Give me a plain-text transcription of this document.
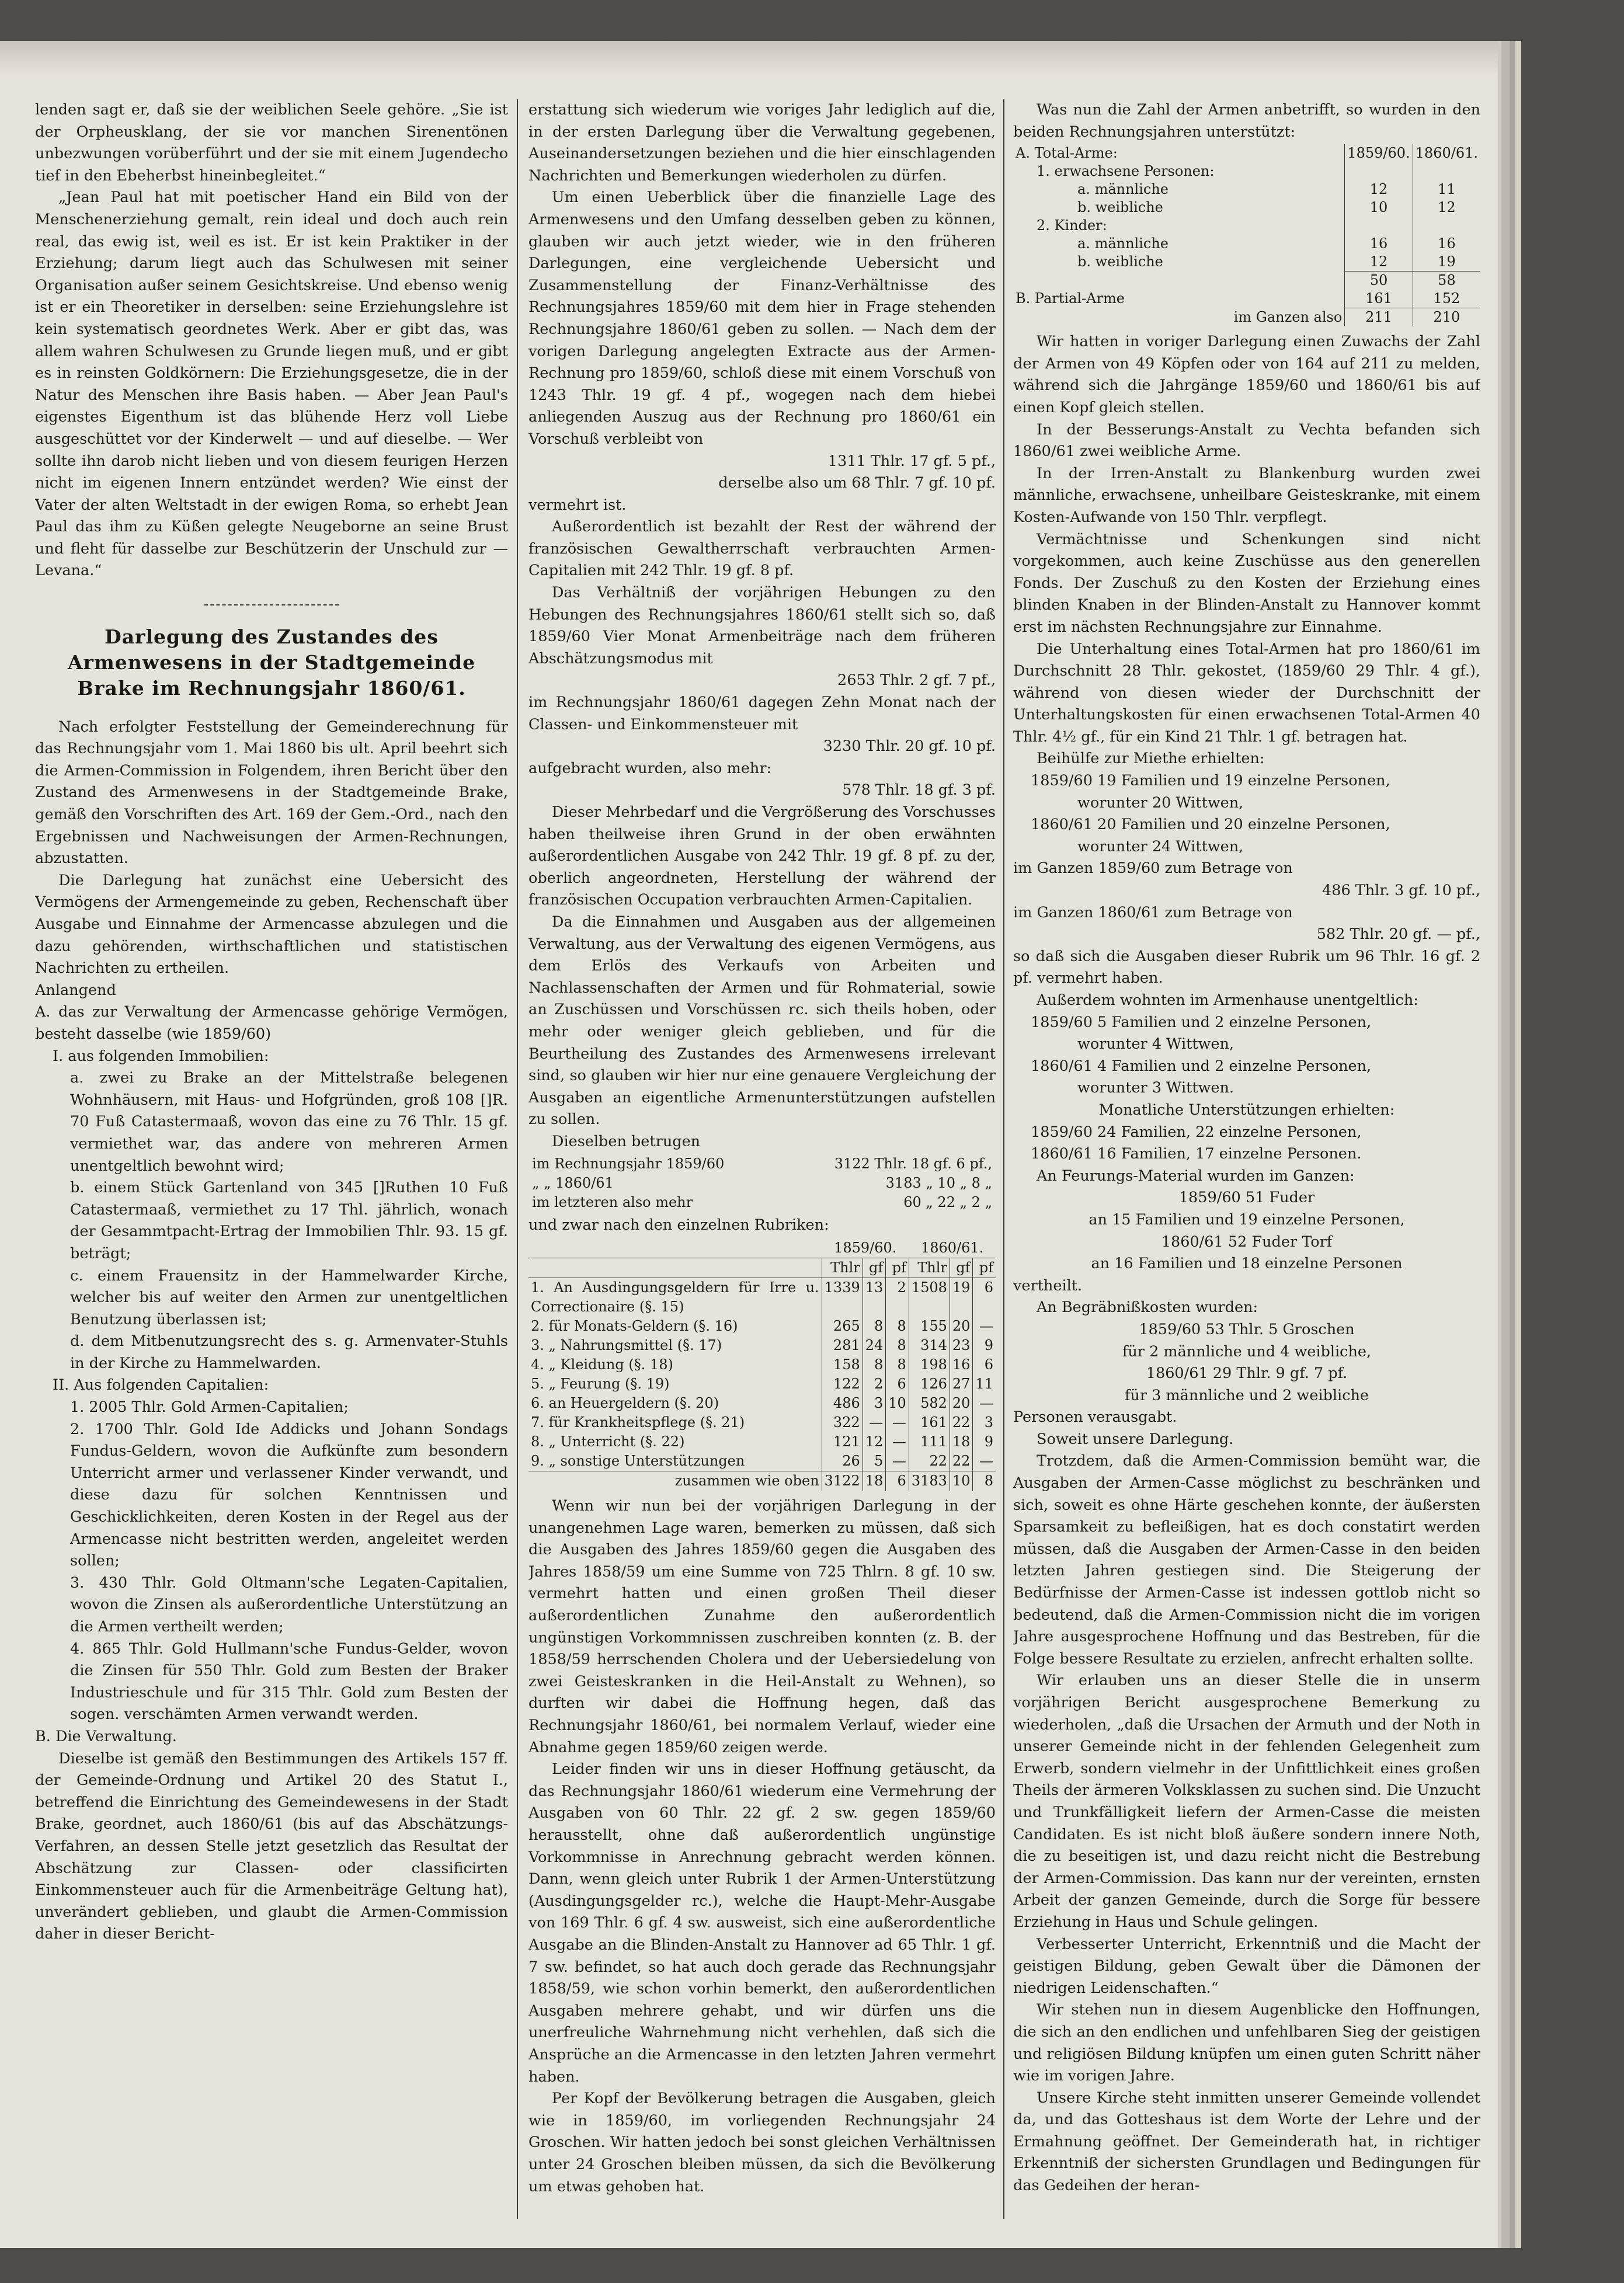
lenden sagt er, daß sie der weiblichen Seele gehöre. „Sie ist der Orpheusklang, der sie vor manchen Sirenentönen unbezwungen vorüberführt und der sie mit einem Jugendecho tief in den Ebeherbst hineinbegleitet.“

„Jean Paul hat mit poetischer Hand ein Bild von der Menschenerziehung gemalt, rein ideal und doch auch rein real, das ewig ist, weil es ist. Er ist kein Praktiker in der Erziehung; darum liegt auch das Schulwesen mit seiner Organisation außer seinem Gesichtskreise. Und ebenso wenig ist er ein Theoretiker in derselben: seine Erziehungslehre ist kein systematisch geordnetes Werk. Aber er gibt das, was allem wahren Schulwesen zu Grunde liegen muß, und er gibt es in reinsten Goldkörnern: Die Erziehungsgesetze, die in der Natur des Menschen ihre Basis haben. — Aber Jean Paul's eigenstes Eigenthum ist das blühende Herz voll Liebe ausgeschüttet vor der Kinderwelt — und auf dieselbe. — Wer sollte ihn darob nicht lieben und von diesem feurigen Herzen nicht im eigenen Innern entzündet werden? Wie einst der Vater der alten Weltstadt in der ewigen Roma, so erhebt Jean Paul das ihm zu Küßen gelegte Neugeborne an seine Brust und fleht für dasselbe zur Beschützerin der Unschuld zur — Levana.“

Darlegung des Zustandes des Armenwesens in der Stadtgemeinde Brake im Rechnungsjahr 1860/61.

Nach erfolgter Feststellung der Gemeinderechnung für das Rechnungsjahr vom 1. Mai 1860 bis ult. April beehrt sich die Armen-Commission in Folgendem, ihren Bericht über den Zustand des Armenwesens in der Stadtgemeinde Brake, gemäß den Vorschriften des Art. 169 der Gem.-Ord., nach den Ergebnissen und Nachweisungen der Armen-Rechnungen, abzustatten.

Die Darlegung hat zunächst eine Uebersicht des Vermögens der Armengemeinde zu geben, Rechenschaft über Ausgabe und Einnahme der Armencasse abzulegen und die dazu gehörenden, wirthschaftlichen und statistischen Nachrichten zu ertheilen.

Anlangend

A. das zur Verwaltung der Armencasse gehörige Vermögen, besteht dasselbe (wie 1859/60)

I. aus folgenden Immobilien:

a. zwei zu Brake an der Mittelstraße belegenen Wohnhäusern, mit Haus- und Hofgründen, groß 108 []R. 70 Fuß Catastermaaß, wovon das eine zu 76 Thlr. 15 gf. vermiethet war, das andere von mehreren Armen unentgeltlich bewohnt wird;

b. einem Stück Gartenland von 345 []Ruthen 10 Fuß Catastermaaß, vermiethet zu 17 Thl. jährlich, wonach der Gesammtpacht-Ertrag der Immobilien Thlr. 93. 15 gf. beträgt;

c. einem Frauensitz in der Hammelwarder Kirche, welcher bis auf weiter den Armen zur unentgeltlichen Benutzung überlassen ist;

d. dem Mitbenutzungsrecht des s. g. Armenvater-Stuhls in der Kirche zu Hammelwarden.

II. Aus folgenden Capitalien:

1. 2005 Thlr. Gold Armen-Capitalien;

2. 1700 Thlr. Gold Ide Addicks und Johann Sondags Fundus-Geldern, wovon die Aufkünfte zum besondern Unterricht armer und verlassener Kinder verwandt, und diese dazu für solchen Kenntnissen und Geschicklichkeiten, deren Kosten in der Regel aus der Armencasse nicht bestritten werden, angeleitet werden sollen;

3. 430 Thlr. Gold Oltmann'sche Legaten-Capitalien, wovon die Zinsen als außerordentliche Unterstützung an die Armen vertheilt werden;

4. 865 Thlr. Gold Hullmann'sche Fundus-Gelder, wovon die Zinsen für 550 Thlr. Gold zum Besten der Braker Industrieschule und für 315 Thlr. Gold zum Besten der sogen. verschämten Armen verwandt werden.

B. Die Verwaltung.

Dieselbe ist gemäß den Bestimmungen des Artikels 157 ff. der Gemeinde-Ordnung und Artikel 20 des Statut I., betreffend die Einrichtung des Gemeindewesens in der Stadt Brake, geordnet, auch 1860/61 (bis auf das Abschätzungs-Verfahren, an dessen Stelle jetzt gesetzlich das Resultat der Abschätzung zur Classen- oder classificirten Einkommensteuer auch für die Armenbeiträge Geltung hat), unverändert geblieben, und glaubt die Armen-Commission daher in dieser Bericht-

erstattung sich wiederum wie voriges Jahr lediglich auf die, in der ersten Darlegung über die Verwaltung gegebenen, Auseinandersetzungen beziehen und die hier einschlagenden Nachrichten und Bemerkungen wiederholen zu dürfen.

Um einen Ueberblick über die finanzielle Lage des Armenwesens und den Umfang desselben geben zu können, glauben wir auch jetzt wieder, wie in den früheren Darlegungen, eine vergleichende Uebersicht und Zusammenstellung der Finanz-Verhältnisse des Rechnungsjahres 1859/60 mit dem hier in Frage stehenden Rechnungsjahre 1860/61 geben zu sollen. — Nach dem der vorigen Darlegung angelegten Extracte aus der Armen-Rechnung pro 1859/60, schloß diese mit einem Vorschuß von 1243 Thlr. 19 gf. 4 pf., wogegen nach dem hiebei anliegenden Auszug aus der Rechnung pro 1860/61 ein Vorschuß verbleibt von

1311 Thlr. 17 gf. 5 pf.,

derselbe also um 68 Thlr. 7 gf. 10 pf.

vermehrt ist.

Außerordentlich ist bezahlt der Rest der während der französischen Gewaltherrschaft verbrauchten Armen-Capitalien mit 242 Thlr. 19 gf. 8 pf.

Das Verhältniß der vorjährigen Hebungen zu den Hebungen des Rechnungsjahres 1860/61 stellt sich so, daß 1859/60 Vier Monat Armenbeiträge nach dem früheren Abschätzungsmodus mit

2653 Thlr. 2 gf. 7 pf.,

im Rechnungsjahr 1860/61 dagegen Zehn Monat nach der Classen- und Einkommensteuer mit

3230 Thlr. 20 gf. 10 pf.

aufgebracht wurden, also mehr:

578 Thlr. 18 gf. 3 pf.

Dieser Mehrbedarf und die Vergrößerung des Vorschusses haben theilweise ihren Grund in der oben erwähnten außerordentlichen Ausgabe von 242 Thlr. 19 gf. 8 pf. zu der, oberlich angeordneten, Herstellung der während der französischen Occupation verbrauchten Armen-Capitalien.

Da die Einnahmen und Ausgaben aus der allgemeinen Verwaltung, aus der Verwaltung des eigenen Vermögens, aus dem Erlös des Verkaufs von Arbeiten und Nachlassenschaften der Armen und für Rohmaterial, sowie an Zuschüssen und Vorschüssen rc. sich theils hoben, oder mehr oder weniger gleich geblieben, und für die Beurtheilung des Zustandes des Armenwesens irrelevant sind, so glauben wir hier nur eine genauere Vergleichung der Ausgaben an eigentliche Armenunterstützungen aufstellen zu sollen.

Dieselben betrugen

im Rechnungsjahr 1859/60	3122 Thlr. 18 gf. 6 pf.,
„ „ 1860/61	3183 „ 10 „ 8 „
im letzteren also mehr	60 „ 22 „ 2 „

und zwar nach den einzelnen Rubriken:

	1859/60.			1860/61.		
	Thlr	gf	pf	Thlr	gf	pf
1. An Ausdingungsgeldern für Irre u. Correctionaire (§. 15)	1339	13	2	1508	19	6
2. für Monats-Geldern (§. 16)	265	8	8	155	20	—
3. „ Nahrungsmittel (§. 17)	281	24	8	314	23	9
4. „ Kleidung (§. 18)	158	8	8	198	16	6
5. „ Feurung (§. 19)	122	2	6	126	27	11
6. an Heuergeldern (§. 20)	486	3	10	582	20	—
7. für Krankheitspflege (§. 21)	322	—	—	161	22	3
8. „ Unterricht (§. 22)	121	12	—	111	18	9
9. „ sonstige Unterstützungen	26	5	—	22	22	—
zusammen wie oben	3122	18	6	3183	10	8

Wenn wir nun bei der vorjährigen Darlegung in der unangenehmen Lage waren, bemerken zu müssen, daß sich die Ausgaben des Jahres 1859/60 gegen die Ausgaben des Jahres 1858/59 um eine Summe von 725 Thlrn. 8 gf. 10 sw. vermehrt hatten und einen großen Theil dieser außerordentlichen Zunahme den außerordentlich ungünstigen Vorkommnissen zuschreiben konnten (z. B. der 1858/59 herrschenden Cholera und der Uebersiedelung von zwei Geisteskranken in die Heil-Anstalt zu Wehnen), so durften wir dabei die Hoffnung hegen, daß das Rechnungsjahr 1860/61, bei normalem Verlauf, wieder eine Abnahme gegen 1859/60 zeigen werde.

Leider finden wir uns in dieser Hoffnung getäuscht, da das Rechnungsjahr 1860/61 wiederum eine Vermehrung der Ausgaben von 60 Thlr. 22 gf. 2 sw. gegen 1859/60 herausstellt, ohne daß außerordentlich ungünstige Vorkommnisse in Anrechnung gebracht werden können. Dann, wenn gleich unter Rubrik 1 der Armen-Unterstützung (Ausdingungsgelder rc.), welche die Haupt-Mehr-Ausgabe von 169 Thlr. 6 gf. 4 sw. ausweist, sich eine außerordentliche Ausgabe an die Blinden-Anstalt zu Hannover ad 65 Thlr. 1 gf. 7 sw. befindet, so hat auch doch gerade das Rechnungsjahr 1858/59, wie schon vorhin bemerkt, den außerordentlichen Ausgaben mehrere gehabt, und wir dürfen uns die unerfreuliche Wahrnehmung nicht verhehlen, daß sich die Ansprüche an die Armencasse in den letzten Jahren vermehrt haben.

Per Kopf der Bevölkerung betragen die Ausgaben, gleich wie in 1859/60, im vorliegenden Rechnungsjahr 24 Groschen. Wir hatten jedoch bei sonst gleichen Verhältnissen unter 24 Groschen bleiben müssen, da sich die Bevölkerung um etwas gehoben hat.

Was nun die Zahl der Armen anbetrifft, so wurden in den beiden Rechnungsjahren unterstützt:

A. Total-Arme:	1859/60.	1860/61.
1. erwachsene Personen:		
a. männliche	12	11
b. weibliche	10	12
2. Kinder:		
a. männliche	16	16
b. weibliche	12	19
	50	58
B. Partial-Arme	161	152
im Ganzen also	211	210

Wir hatten in voriger Darlegung einen Zuwachs der Zahl der Armen von 49 Köpfen oder von 164 auf 211 zu melden, während sich die Jahrgänge 1859/60 und 1860/61 bis auf einen Kopf gleich stellen.

In der Besserungs-Anstalt zu Vechta befanden sich 1860/61 zwei weibliche Arme.

In der Irren-Anstalt zu Blankenburg wurden zwei männliche, erwachsene, unheilbare Geisteskranke, mit einem Kosten-Aufwande von 150 Thlr. verpflegt.

Vermächtnisse und Schenkungen sind nicht vorgekommen, auch keine Zuschüsse aus den generellen Fonds. Der Zuschuß zu den Kosten der Erziehung eines blinden Knaben in der Blinden-Anstalt zu Hannover kommt erst im nächsten Rechnungsjahre zur Einnahme.

Die Unterhaltung eines Total-Armen hat pro 1860/61 im Durchschnitt 28 Thlr. gekostet, (1859/60 29 Thlr. 4 gf.), während von diesen wieder der Durchschnitt der Unterhaltungskosten für einen erwachsenen Total-Armen 40 Thlr. 4½ gf., für ein Kind 21 Thlr. 1 gf. betragen hat.

Beihülfe zur Miethe erhielten:

1859/60 19 Familien und 19 einzelne Personen,

worunter 20 Wittwen,

1860/61 20 Familien und 20 einzelne Personen,

worunter 24 Wittwen,

im Ganzen 1859/60 zum Betrage von

486 Thlr. 3 gf. 10 pf.,

im Ganzen 1860/61 zum Betrage von

582 Thlr. 20 gf. — pf.,

so daß sich die Ausgaben dieser Rubrik um 96 Thlr. 16 gf. 2 pf. vermehrt haben.

Außerdem wohnten im Armenhause unentgeltlich:

1859/60 5 Familien und 2 einzelne Personen,

worunter 4 Wittwen,

1860/61 4 Familien und 2 einzelne Personen,

worunter 3 Wittwen.

Monatliche Unterstützungen erhielten:

1859/60 24 Familien, 22 einzelne Personen,

1860/61 16 Familien, 17 einzelne Personen.

An Feurungs-Material wurden im Ganzen:

1859/60 51 Fuder

an 15 Familien und 19 einzelne Personen,

1860/61 52 Fuder Torf

an 16 Familien und 18 einzelne Personen

vertheilt.

An Begräbnißkosten wurden:

1859/60 53 Thlr. 5 Groschen

für 2 männliche und 4 weibliche,

1860/61 29 Thlr. 9 gf. 7 pf.

für 3 männliche und 2 weibliche

Personen verausgabt.

Soweit unsere Darlegung.

Trotzdem, daß die Armen-Commission bemüht war, die Ausgaben der Armen-Casse möglichst zu beschränken und sich, soweit es ohne Härte geschehen konnte, der äußersten Sparsamkeit zu befleißigen, hat es doch constatirt werden müssen, daß die Ausgaben der Armen-Casse in den beiden letzten Jahren gestiegen sind. Die Steigerung der Bedürfnisse der Armen-Casse ist indessen gottlob nicht so bedeutend, daß die Armen-Commission nicht die im vorigen Jahre ausgesprochene Hoffnung und das Bestreben, für die Folge bessere Resultate zu erzielen, anfrecht erhalten sollte.

Wir erlauben uns an dieser Stelle die in unserm vorjährigen Bericht ausgesprochene Bemerkung zu wiederholen, „daß die Ursachen der Armuth und der Noth in unserer Gemeinde nicht in der fehlenden Gelegenheit zum Erwerb, sondern vielmehr in der Unfittlichkeit eines großen Theils der ärmeren Volksklassen zu suchen sind. Die Unzucht und Trunkfälligkeit liefern der Armen-Casse die meisten Candidaten. Es ist nicht bloß äußere sondern innere Noth, die zu beseitigen ist, und dazu reicht nicht die Bestrebung der Armen-Commission. Das kann nur der vereinten, ernsten Arbeit der ganzen Gemeinde, durch die Sorge für bessere Erziehung in Haus und Schule gelingen.

Verbesserter Unterricht, Erkenntniß und die Macht der geistigen Bildung, geben Gewalt über die Dämonen der niedrigen Leidenschaften.“

Wir stehen nun in diesem Augenblicke den Hoffnungen, die sich an den endlichen und unfehlbaren Sieg der geistigen und religiösen Bildung knüpfen um einen guten Schritt näher wie im vorigen Jahre.

Unsere Kirche steht inmitten unserer Gemeinde vollendet da, und das Gotteshaus ist dem Worte der Lehre und der Ermahnung geöffnet. Der Gemeinderath hat, in richtiger Erkenntniß der sichersten Grundlagen und Bedingungen für das Gedeihen der heran-
